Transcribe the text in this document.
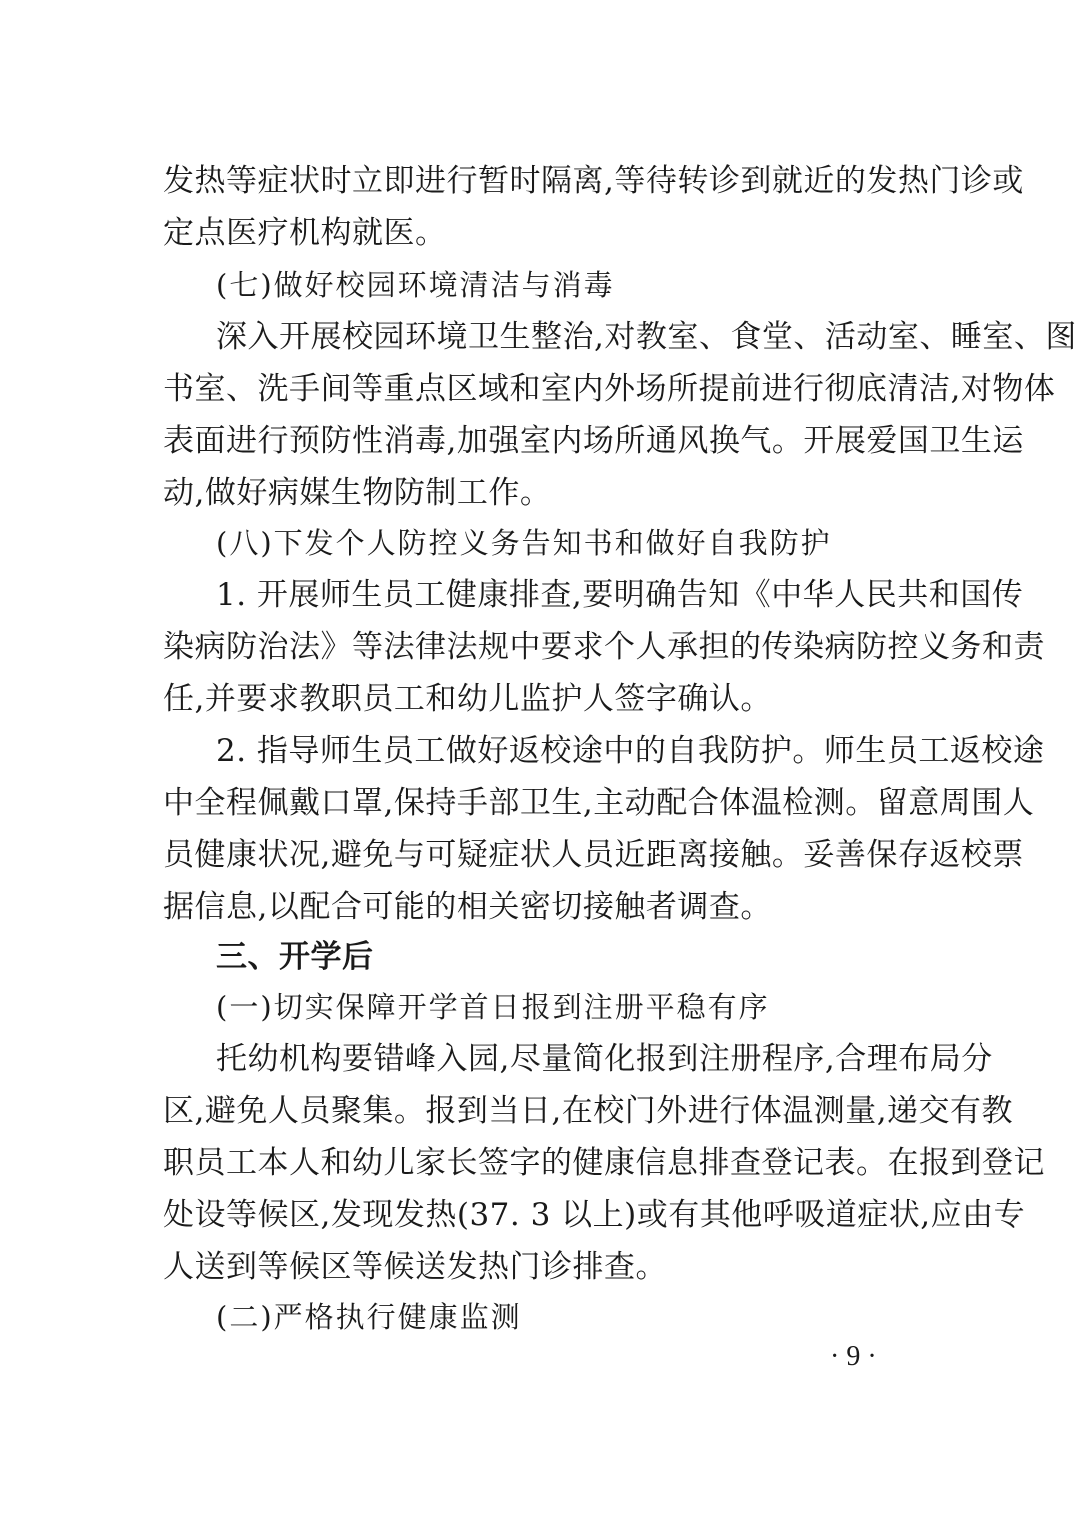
发热等症状时立即进行暂时隔离,等待转诊到就近的发热门诊或
定点医疗机构就医。
(七)做好校园环境清洁与消毒
深入开展校园环境卫生整治,对教室、食堂、活动室、睡室、图
书室、洗手间等重点区域和室内外场所提前进行彻底清洁,对物体
表面进行预防性消毒,加强室内场所通风换气。开展爱国卫生运
动,做好病媒生物防制工作。
(八)下发个人防控义务告知书和做好自我防护
1. 开展师生员工健康排查,要明确告知《中华人民共和国传
染病防治法》等法律法规中要求个人承担的传染病防控义务和责
任,并要求教职员工和幼儿监护人签字确认。
2. 指导师生员工做好返校途中的自我防护。师生员工返校途
中全程佩戴口罩,保持手部卫生,主动配合体温检测。留意周围人
员健康状况,避免与可疑症状人员近距离接触。妥善保存返校票
据信息,以配合可能的相关密切接触者调查。
三、开学后
(一)切实保障开学首日报到注册平稳有序
托幼机构要错峰入园,尽量简化报到注册程序,合理布局分
区,避免人员聚集。报到当日,在校门外进行体温测量,递交有教
职员工本人和幼儿家长签字的健康信息排查登记表。在报到登记
处设等候区,发现发热(37. 3 以上)或有其他呼吸道症状,应由专
人送到等候区等候送发热门诊排查。
(二)严格执行健康监测
· 9 ·
